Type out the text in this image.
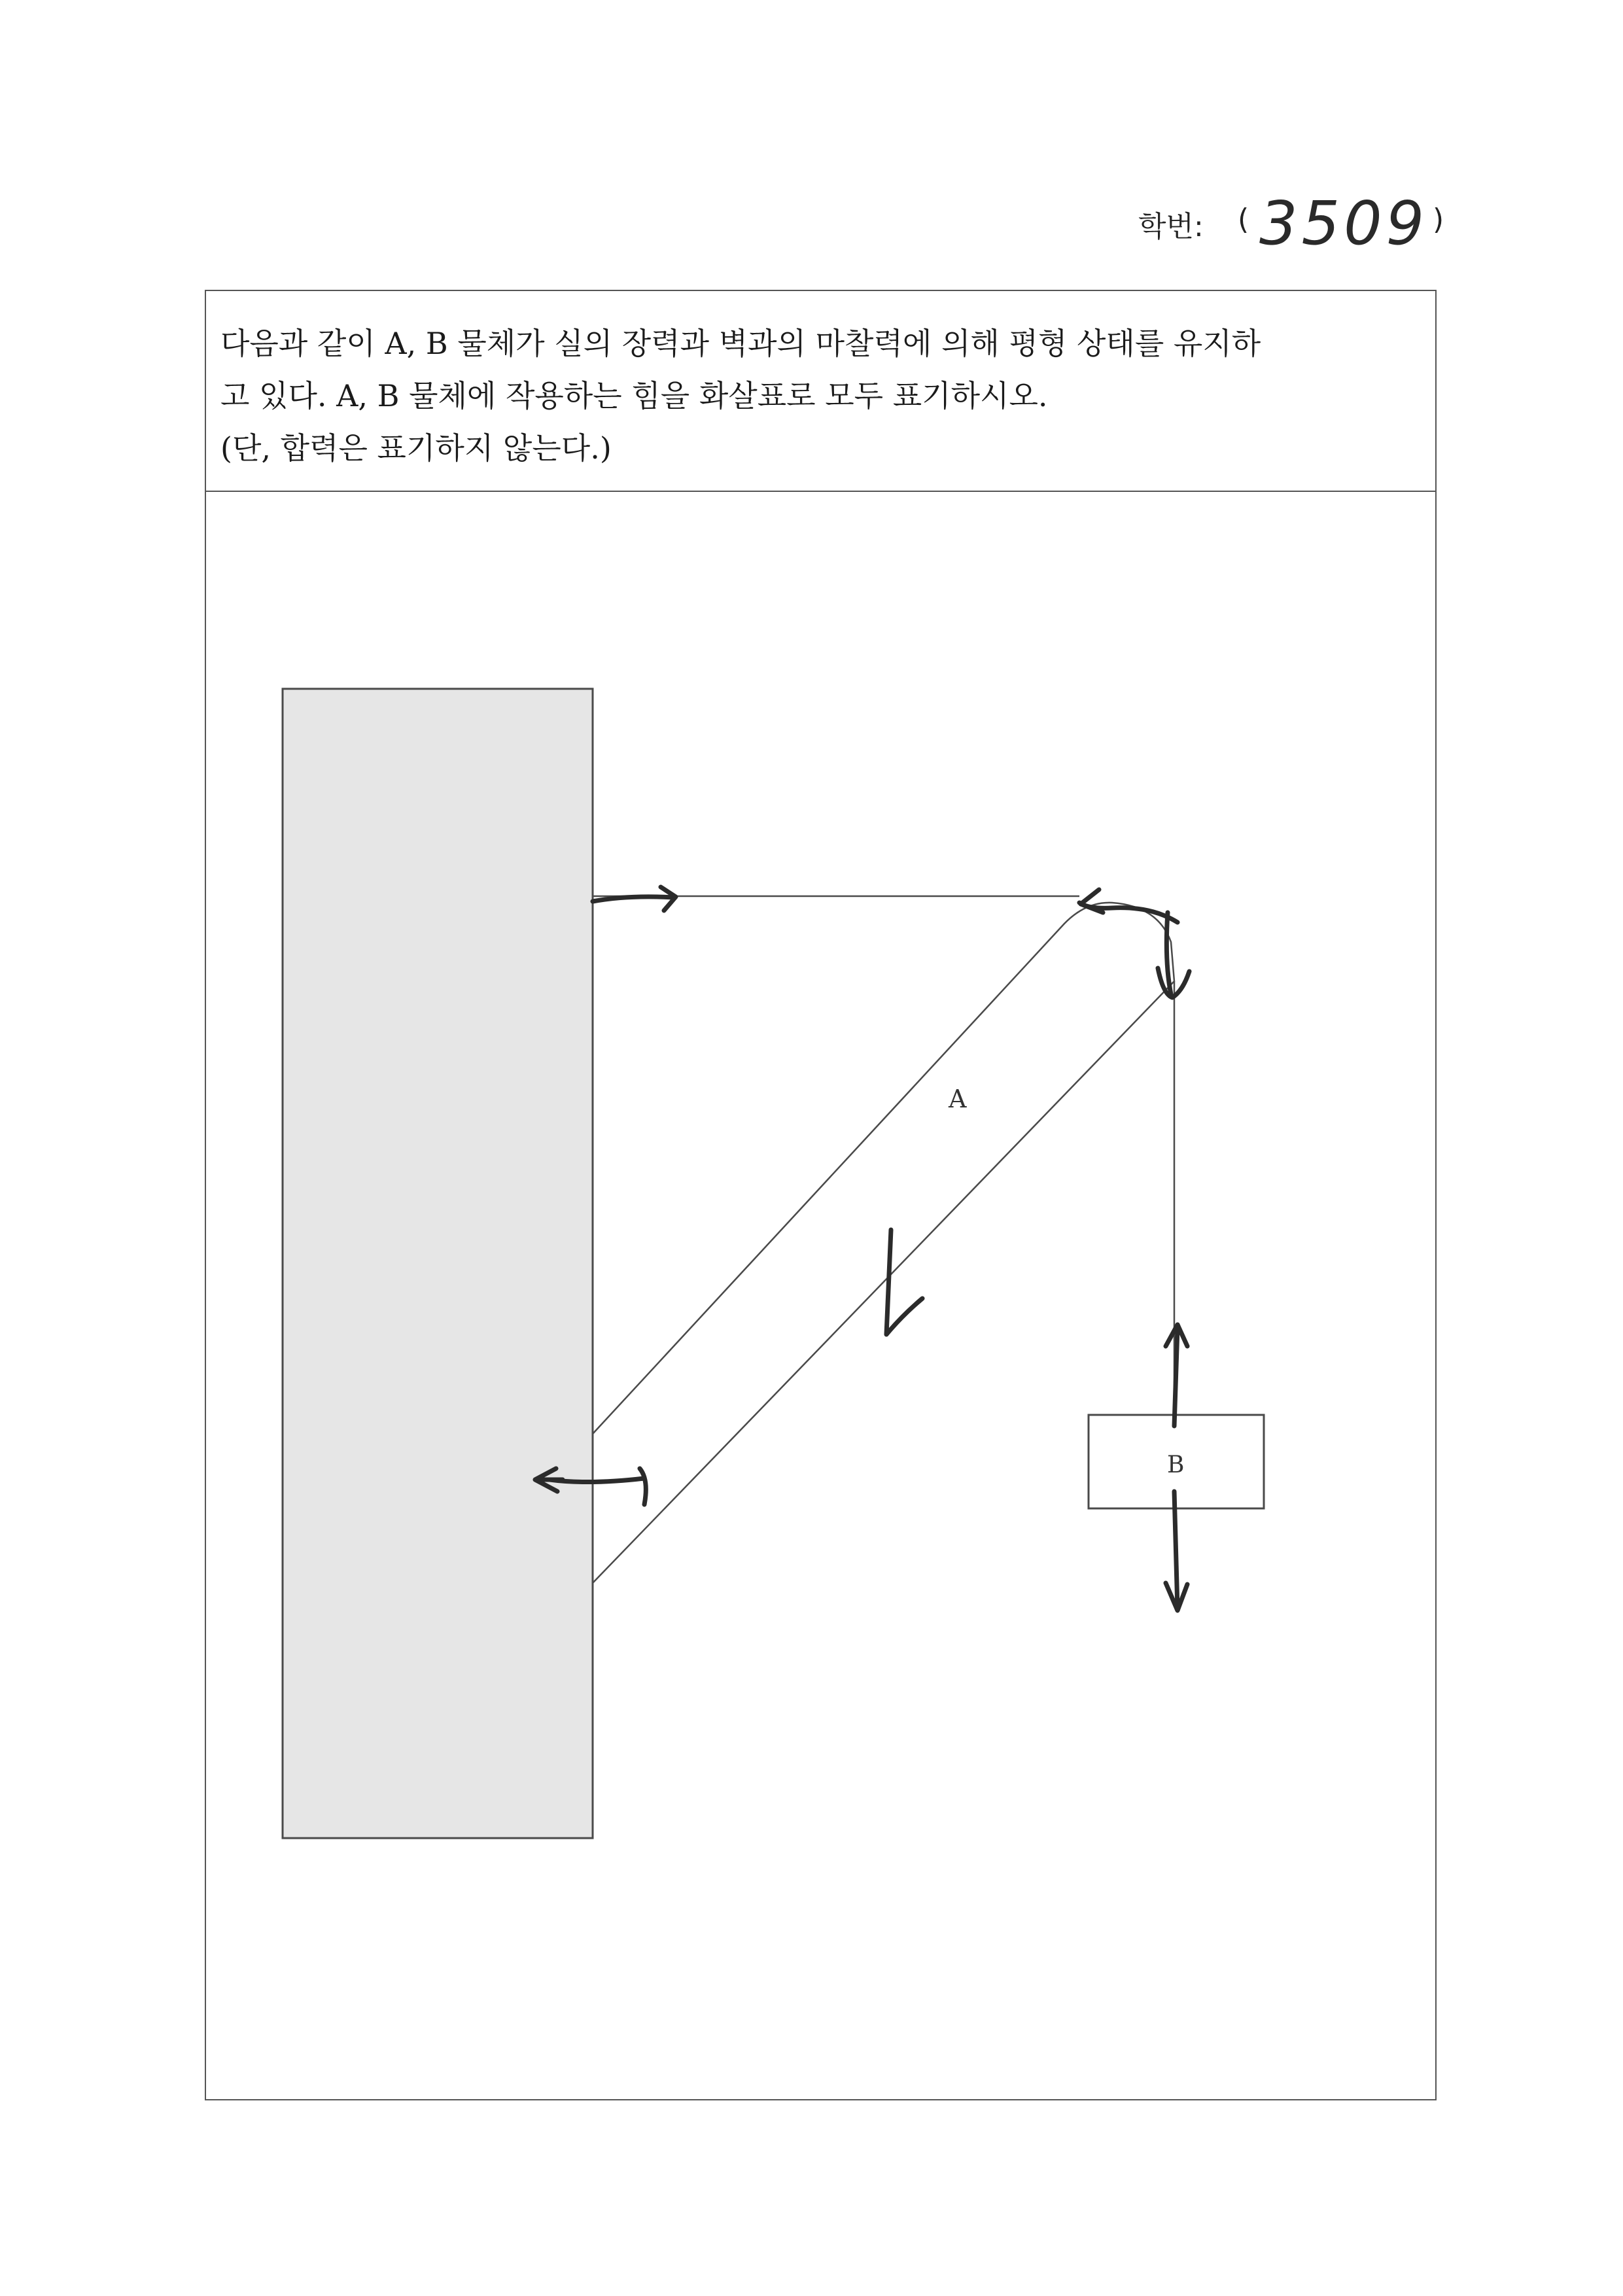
학번: ( 3509 )

다음과 같이 A, B 물체가 실의 장력과 벽과의 마찰력에 의해 평형 상태를 유지하

고 있다. A, B 물체에 작용하는 힘을 화살표로 모두 표기하시오.

(단, 합력은 표기하지 않는다.)

A
B
